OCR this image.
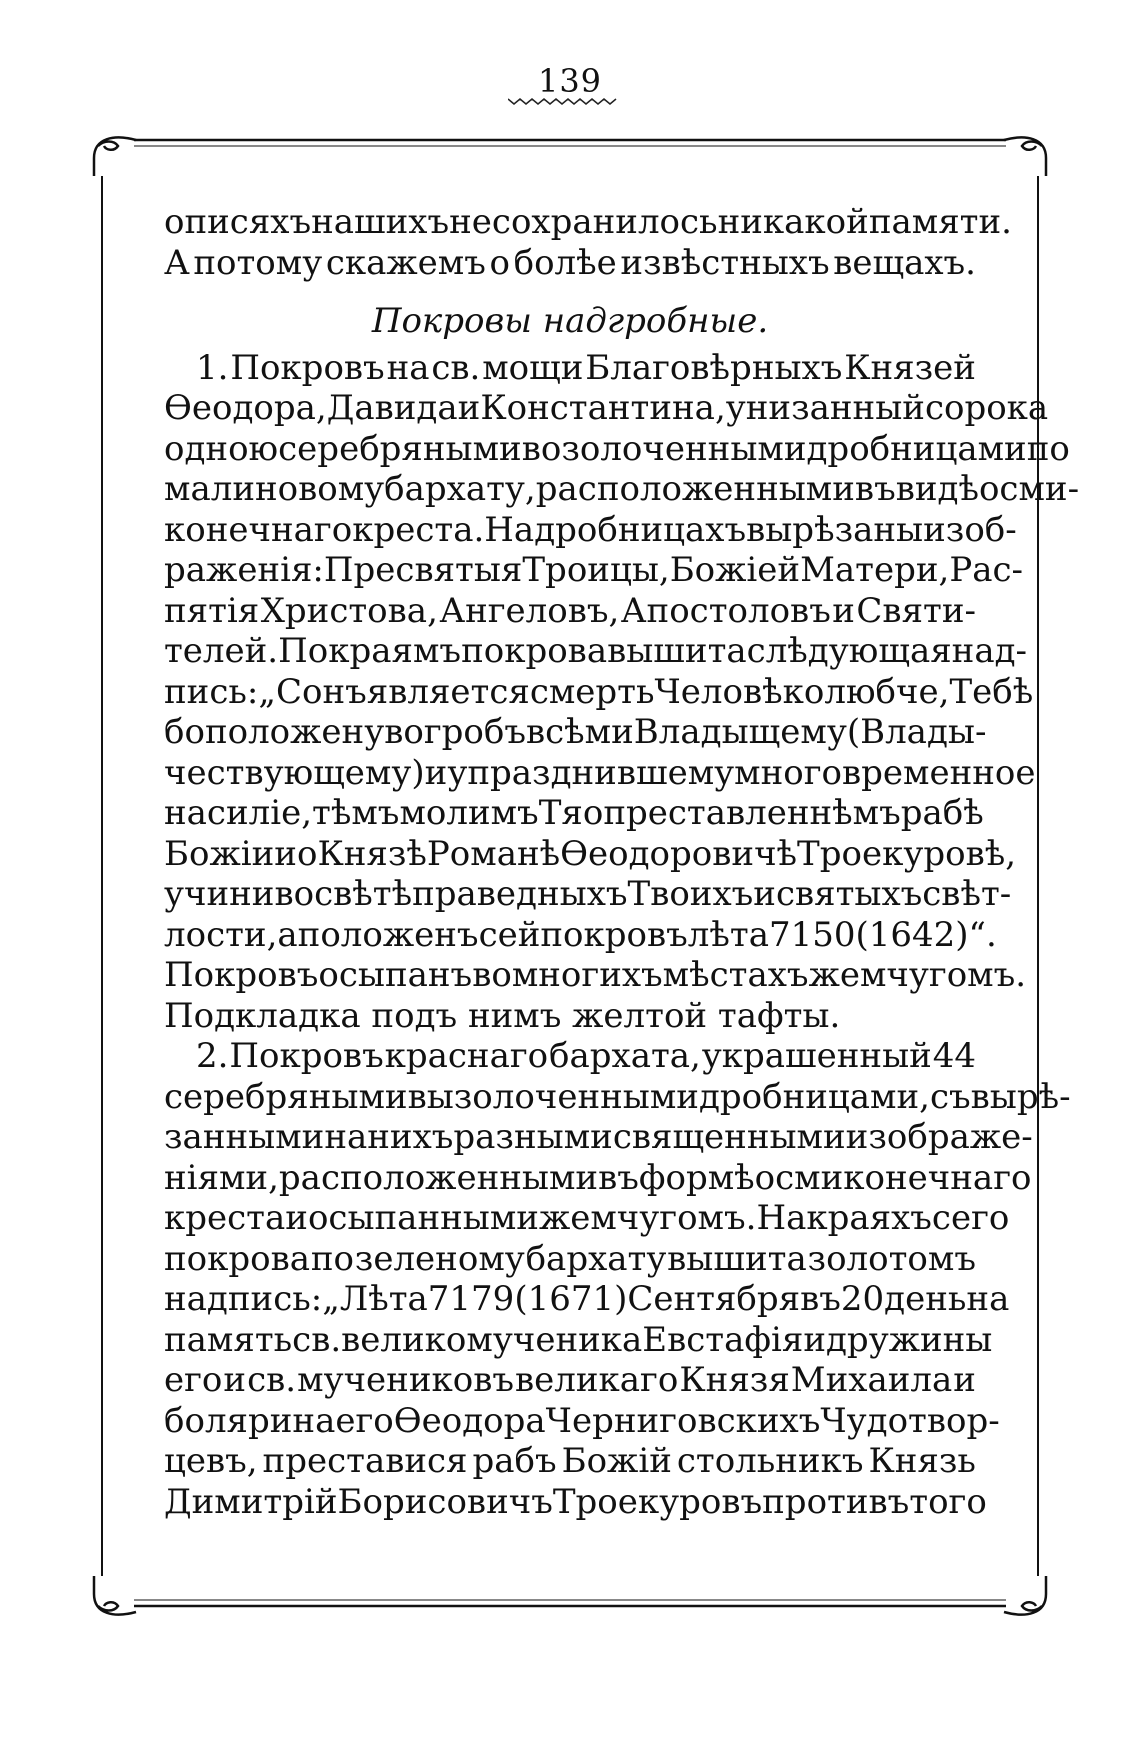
139
описяхъ нашихъ не сохранилось никакой памяти.
А потому скажемъ о болѣе извѣстныхъ вещахъ.
Покровы надгробные.
1. Покровъ на св. мощи Благовѣрныхъ Князей
Өеодора, Давида и Константина, унизанный сорока
одною серебряными возолоченными дробницами по
малиновому бархату, расположенными въ видѣ осми-
конечнаго креста. На дробницахъ вырѣзаны изоб-
раженія: Пресвятыя Троицы, Божіей Матери, Рас-
пятія Христова, Ангеловъ, Апостоловъ и Святи-
телей. По краямъ покрова вышита слѣдующая над-
пись: „Сонъ является смерть Человѣколюбче, Тебѣ
бо положену во гробъ всѣми Владыщему (Влады-
чествующему) и упразднившему многовременное
насиліе, тѣмъ молимъ Тя о преставленнѣмъ рабѣ
Божіи и о Князѣ Романѣ Өеодоровичѣ Троекуровѣ,
учини во свѣтѣ праведныхъ Твоихъ и святыхъ свѣт-
лости, а положенъ сей покровъ лѣта 7150 (1642)“.
Покровъ осыпанъ во многихъ мѣстахъ жемчугомъ.
Подкладка подъ нимъ желтой тафты.
2. Покровъ краснаго бархата, украшенный 44
серебряными вызолоченными дробницами, съ вырѣ-
занными на нихъ разными священными изображе-
ніями, расположенными въ формѣ осмиконечнаго
креста и осыпанными жемчугомъ. На краяхъ сего
покрова по зеленому бархату вышита золотомъ
надпись: „Лѣта 7179 (1671) Сентября въ 20 день на
память св. великомученика Евстафія и дружины
его и св. мучениковъ великаго Князя Михаила и
болярина его Өеодора Черниговскихъ Чудотвор-
цевъ, преставися рабъ Божій стольникъ Князь
Димитрій Борисовичъ Троекуровъ противъ того
